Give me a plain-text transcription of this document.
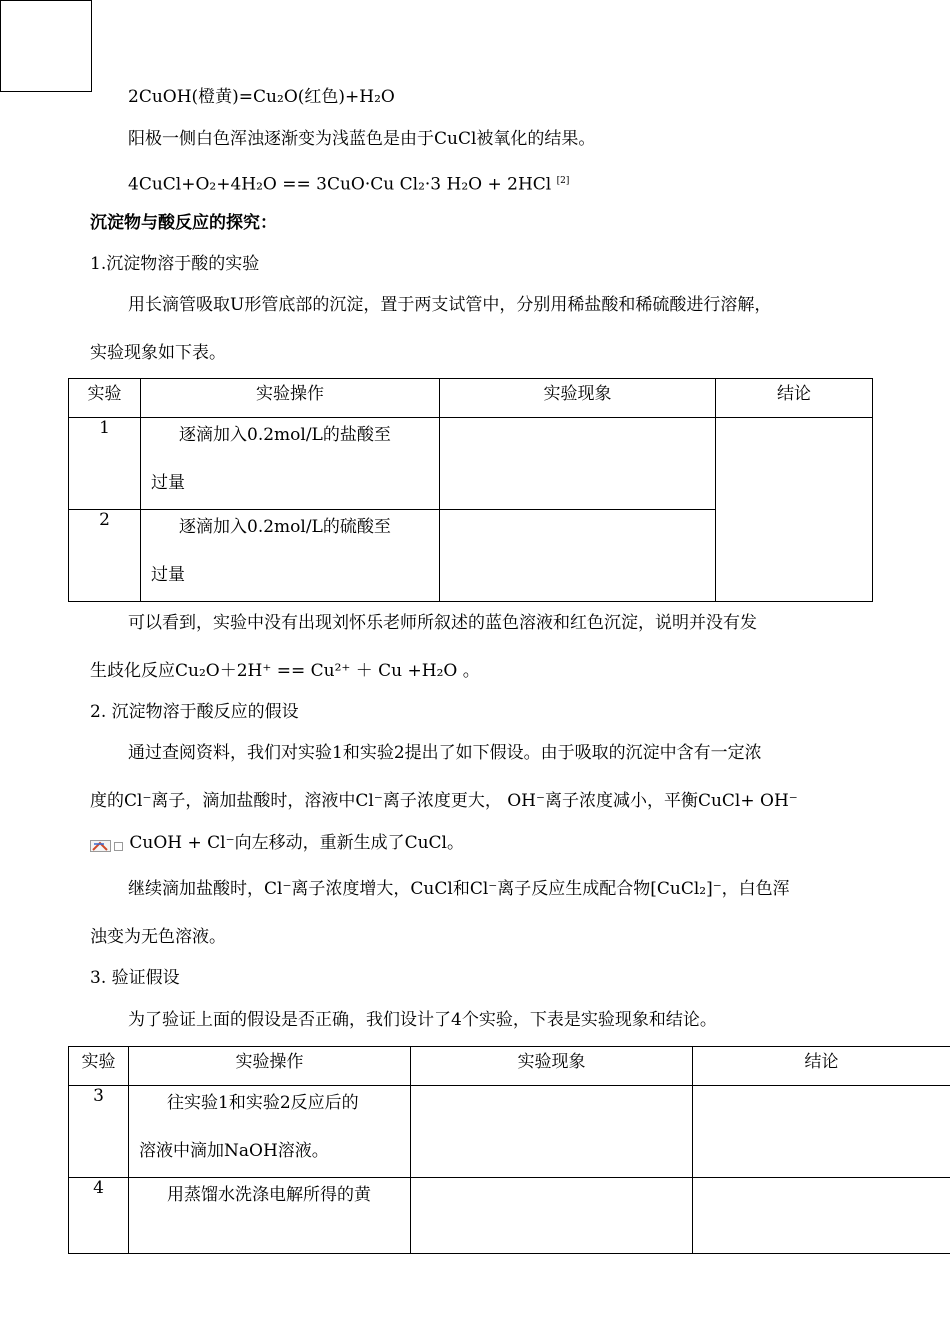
2CuOH(橙黄)=Cu₂O(红色)+H₂O
阳极一侧白色浑浊逐渐变为浅蓝色是由于CuCl被氧化的结果。
4CuCl+O₂+4H₂O == 3CuO·Cu Cl₂·3 H₂O + 2HCl [2]
沉淀物与酸反应的探究：
1.沉淀物溶于酸的实验
用长滴管吸取U形管底部的沉淀，置于两支试管中，分别用稀盐酸和稀硫酸进行溶解，
实验现象如下表。
实验	实验操作	实验现象	结论
1	逐滴加入0.2mol/L的盐酸至
过量		

2	逐滴加入0.2mol/L的硫酸至
过量		

可以看到，实验中没有出现刘怀乐老师所叙述的蓝色溶液和红色沉淀，说明并没有发
生歧化反应Cu₂O＋2H⁺ == Cu²⁺ ＋ Cu +H₂O 。
2. 沉淀物溶于酸反应的假设
通过查阅资料，我们对实验1和实验2提出了如下假设。由于吸取的沉淀中含有一定浓
度的Cl⁻离子，滴加盐酸时，溶液中Cl⁻离子浓度更大， OH⁻离子浓度减小，平衡CuCl+ OH⁻
CuOH + Cl⁻向左移动，重新生成了CuCl。
继续滴加盐酸时，Cl⁻离子浓度增大，CuCl和Cl⁻离子反应生成配合物[CuCl₂]⁻，白色浑
浊变为无色溶液。
3. 验证假设
为了验证上面的假设是否正确，我们设计了4个实验，下表是实验现象和结论。
实验	实验操作	实验现象	结论
3	往实验1和实验2反应后的
溶液中滴加NaOH溶液。		

4	用蒸馏水洗涤电解所得的黄		
